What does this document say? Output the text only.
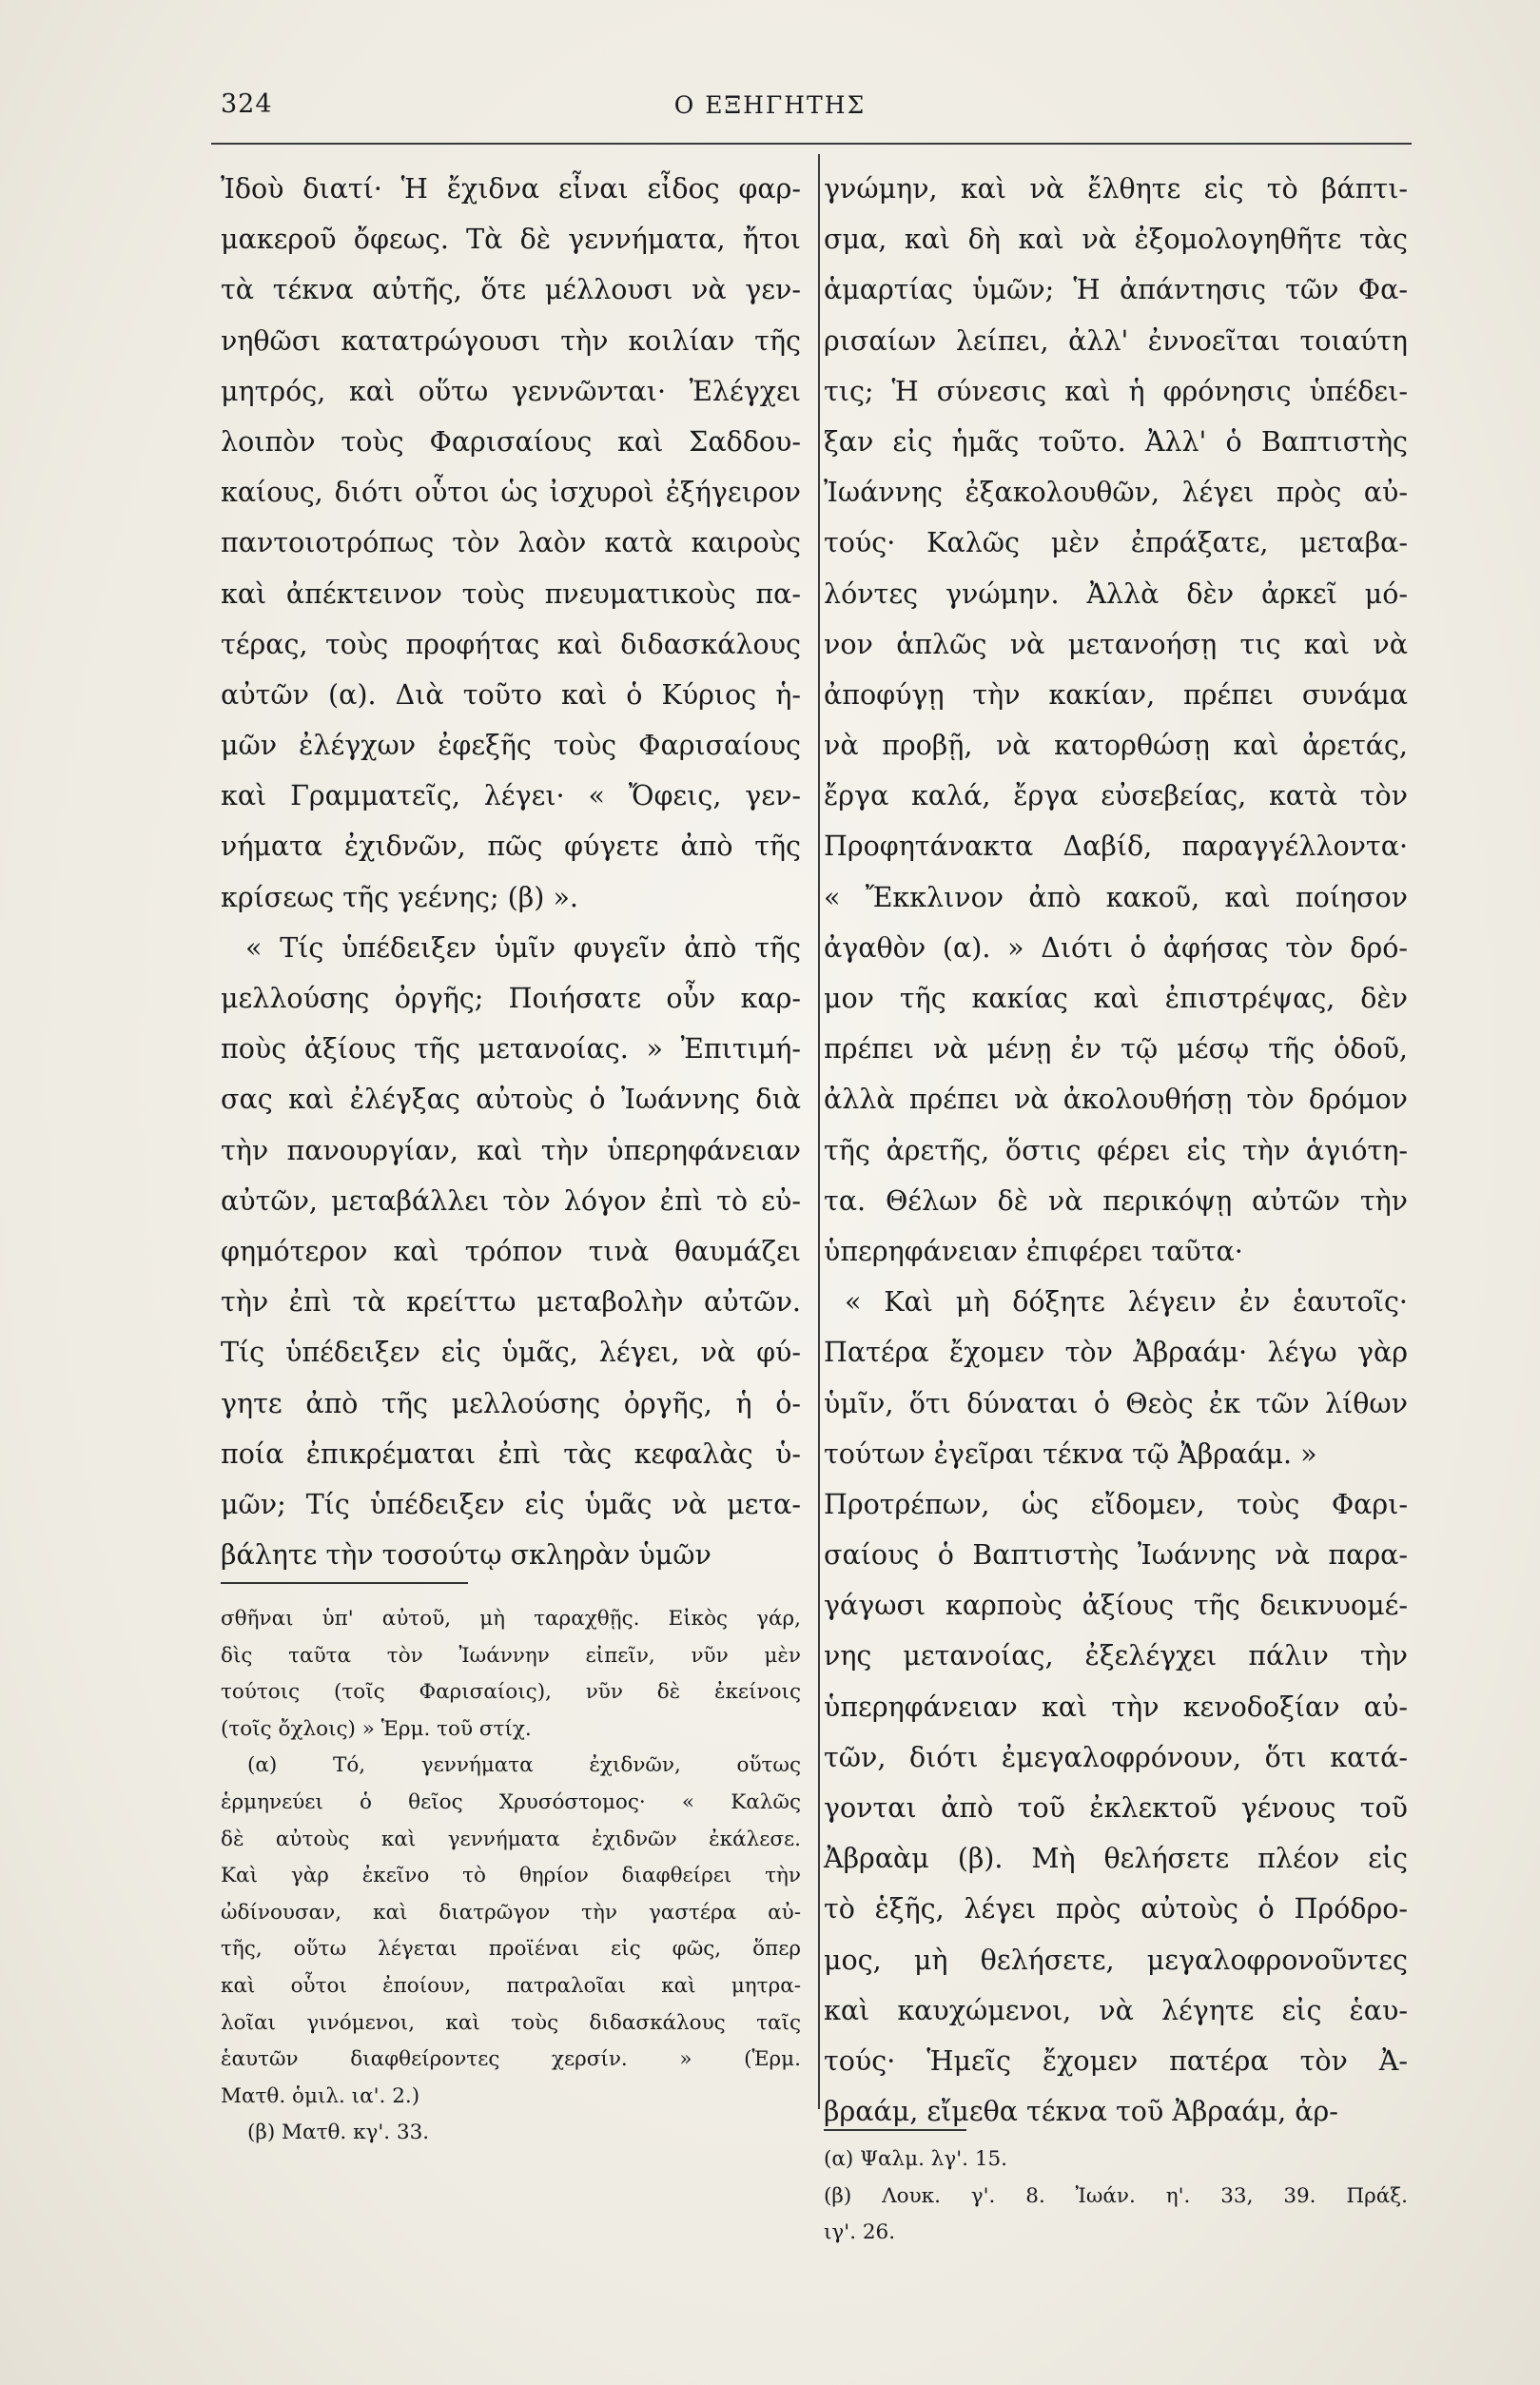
324	Ο ΕΞΗΓΗΤΗΣ
Ἰδοὺ διατί· Ἡ ἔχιδνα εἶναι εἶδος φαρ-
μακεροῦ ὄφεως. Τὰ δὲ γεννήματα, ἤτοι
τὰ τέκνα αὐτῆς, ὅτε μέλλουσι νὰ γεν-
νηθῶσι κατατρώγουσι τὴν κοιλίαν τῆς
μητρός, καὶ οὕτω γεννῶνται· Ἐλέγχει
λοιπὸν τοὺς Φαρισαίους καὶ Σαδδου-
καίους, διότι οὗτοι ὡς ἰσχυροὶ ἐξήγειρον
παντοιοτρόπως τὸν λαὸν κατὰ καιροὺς
καὶ ἀπέκτεινον τοὺς πνευματικοὺς πα-
τέρας, τοὺς προφήτας καὶ διδασκάλους
αὐτῶν (α). Διὰ τοῦτο καὶ ὁ Κύριος ἡ-
μῶν ἐλέγχων ἐφεξῆς τοὺς Φαρισαίους
καὶ Γραμματεῖς, λέγει· « Ὄφεις, γεν-
νήματα ἐχιδνῶν, πῶς φύγετε ἀπὸ τῆς
κρίσεως τῆς γεένης; (β) ».
« Τίς ὑπέδειξεν ὑμῖν φυγεῖν ἀπὸ τῆς
μελλούσης ὀργῆς; Ποιήσατε οὖν καρ-
ποὺς ἀξίους τῆς μετανοίας. » Ἐπιτιμή-
σας καὶ ἐλέγξας αὐτοὺς ὁ Ἰωάννης διὰ
τὴν πανουργίαν, καὶ τὴν ὑπερηφάνειαν
αὐτῶν, μεταβάλλει τὸν λόγον ἐπὶ τὸ εὐ-
φημότερον καὶ τρόπον τινὰ θαυμάζει
τὴν ἐπὶ τὰ κρείττω μεταβολὴν αὐτῶν.
Τίς ὑπέδειξεν εἰς ὑμᾶς, λέγει, νὰ φύ-
γητε ἀπὸ τῆς μελλούσης ὀργῆς, ἡ ὁ-
ποία ἐπικρέμαται ἐπὶ τὰς κεφαλὰς ὑ-
μῶν; Τίς ὑπέδειξεν εἰς ὑμᾶς νὰ μετα-
βάλητε τὴν τοσούτῳ σκληρὰν ὑμῶν
σθῆναι ὑπ' αὐτοῦ, μὴ ταραχθῇς. Εἰκὸς γάρ,
δὶς ταῦτα τὸν Ἰωάννην εἰπεῖν, νῦν μὲν
τούτοις (τοῖς Φαρισαίοις), νῦν δὲ ἐκείνοις
(τοῖς ὄχλοις) » Ἑρμ. τοῦ στίχ.
(α) Τό, γεννήματα ἐχιδνῶν, οὕτως
ἑρμηνεύει ὁ θεῖος Χρυσόστομος· « Καλῶς
δὲ αὐτοὺς καὶ γεννήματα ἐχιδνῶν ἐκάλεσε.
Καὶ γὰρ ἐκεῖνο τὸ θηρίον διαφθείρει τὴν
ὠδίνουσαν, καὶ διατρῶγον τὴν γαστέρα αὐ-
τῆς, οὕτω λέγεται προϊέναι εἰς φῶς, ὅπερ
καὶ οὗτοι ἐποίουν, πατραλοῖαι καὶ μητρα-
λοῖαι γινόμενοι, καὶ τοὺς διδασκάλους ταῖς
ἑαυτῶν διαφθείροντες χερσίν. » (Ἑρμ.
Ματθ. ὁμιλ. ια'. 2.)
(β) Ματθ. κγ'. 33.
γνώμην, καὶ νὰ ἔλθητε εἰς τὸ βάπτι-
σμα, καὶ δὴ καὶ νὰ ἐξομολογηθῆτε τὰς
ἁμαρτίας ὑμῶν; Ἡ ἀπάντησις τῶν Φα-
ρισαίων λείπει, ἀλλ' ἐννοεῖται τοιαύτη
τις; Ἡ σύνεσις καὶ ἡ φρόνησις ὑπέδει-
ξαν εἰς ἡμᾶς τοῦτο. Ἀλλ' ὁ Βαπτιστὴς
Ἰωάννης ἐξακολουθῶν, λέγει πρὸς αὐ-
τούς· Καλῶς μὲν ἐπράξατε, μεταβα-
λόντες γνώμην. Ἀλλὰ δὲν ἀρκεῖ μό-
νον ἁπλῶς νὰ μετανοήσῃ τις καὶ νὰ
ἀποφύγῃ τὴν κακίαν, πρέπει συνάμα
νὰ προβῇ, νὰ κατορθώσῃ καὶ ἀρετάς,
ἔργα καλά, ἔργα εὐσεβείας, κατὰ τὸν
Προφητάνακτα Δαβίδ, παραγγέλλοντα·
« Ἔκκλινον ἀπὸ κακοῦ, καὶ ποίησον
ἀγαθὸν (α). » Διότι ὁ ἀφήσας τὸν δρό-
μον τῆς κακίας καὶ ἐπιστρέψας, δὲν
πρέπει νὰ μένῃ ἐν τῷ μέσῳ τῆς ὁδοῦ,
ἀλλὰ πρέπει νὰ ἀκολουθήσῃ τὸν δρόμον
τῆς ἀρετῆς, ὅστις φέρει εἰς τὴν ἁγιότη-
τα. Θέλων δὲ νὰ περικόψῃ αὐτῶν τὴν
ὑπερηφάνειαν ἐπιφέρει ταῦτα·
« Καὶ μὴ δόξητε λέγειν ἐν ἑαυτοῖς·
Πατέρα ἔχομεν τὸν Ἀβραάμ· λέγω γὰρ
ὑμῖν, ὅτι δύναται ὁ Θεὸς ἐκ τῶν λίθων
τούτων ἐγεῖραι τέκνα τῷ Ἀβραάμ. »
Προτρέπων, ὡς εἴδομεν, τοὺς Φαρι-
σαίους ὁ Βαπτιστὴς Ἰωάννης νὰ παρα-
γάγωσι καρποὺς ἀξίους τῆς δεικνυομέ-
νης μετανοίας, ἐξελέγχει πάλιν τὴν
ὑπερηφάνειαν καὶ τὴν κενοδοξίαν αὐ-
τῶν, διότι ἐμεγαλοφρόνουν, ὅτι κατά-
γονται ἀπὸ τοῦ ἐκλεκτοῦ γένους τοῦ
Ἀβραὰμ (β). Μὴ θελήσετε πλέον εἰς
τὸ ἑξῆς, λέγει πρὸς αὐτοὺς ὁ Πρόδρο-
μος, μὴ θελήσετε, μεγαλοφρονοῦντες
καὶ καυχώμενοι, νὰ λέγητε εἰς ἑαυ-
τούς· Ἡμεῖς ἔχομεν πατέρα τὸν Ἀ-
βραάμ, εἴμεθα τέκνα τοῦ Ἀβραάμ, ἀρ-
(α) Ψαλμ. λγ'. 15.
(β) Λουκ. γ'. 8. Ἰωάν. η'. 33, 39. Πράξ.
ιγ'. 26.
